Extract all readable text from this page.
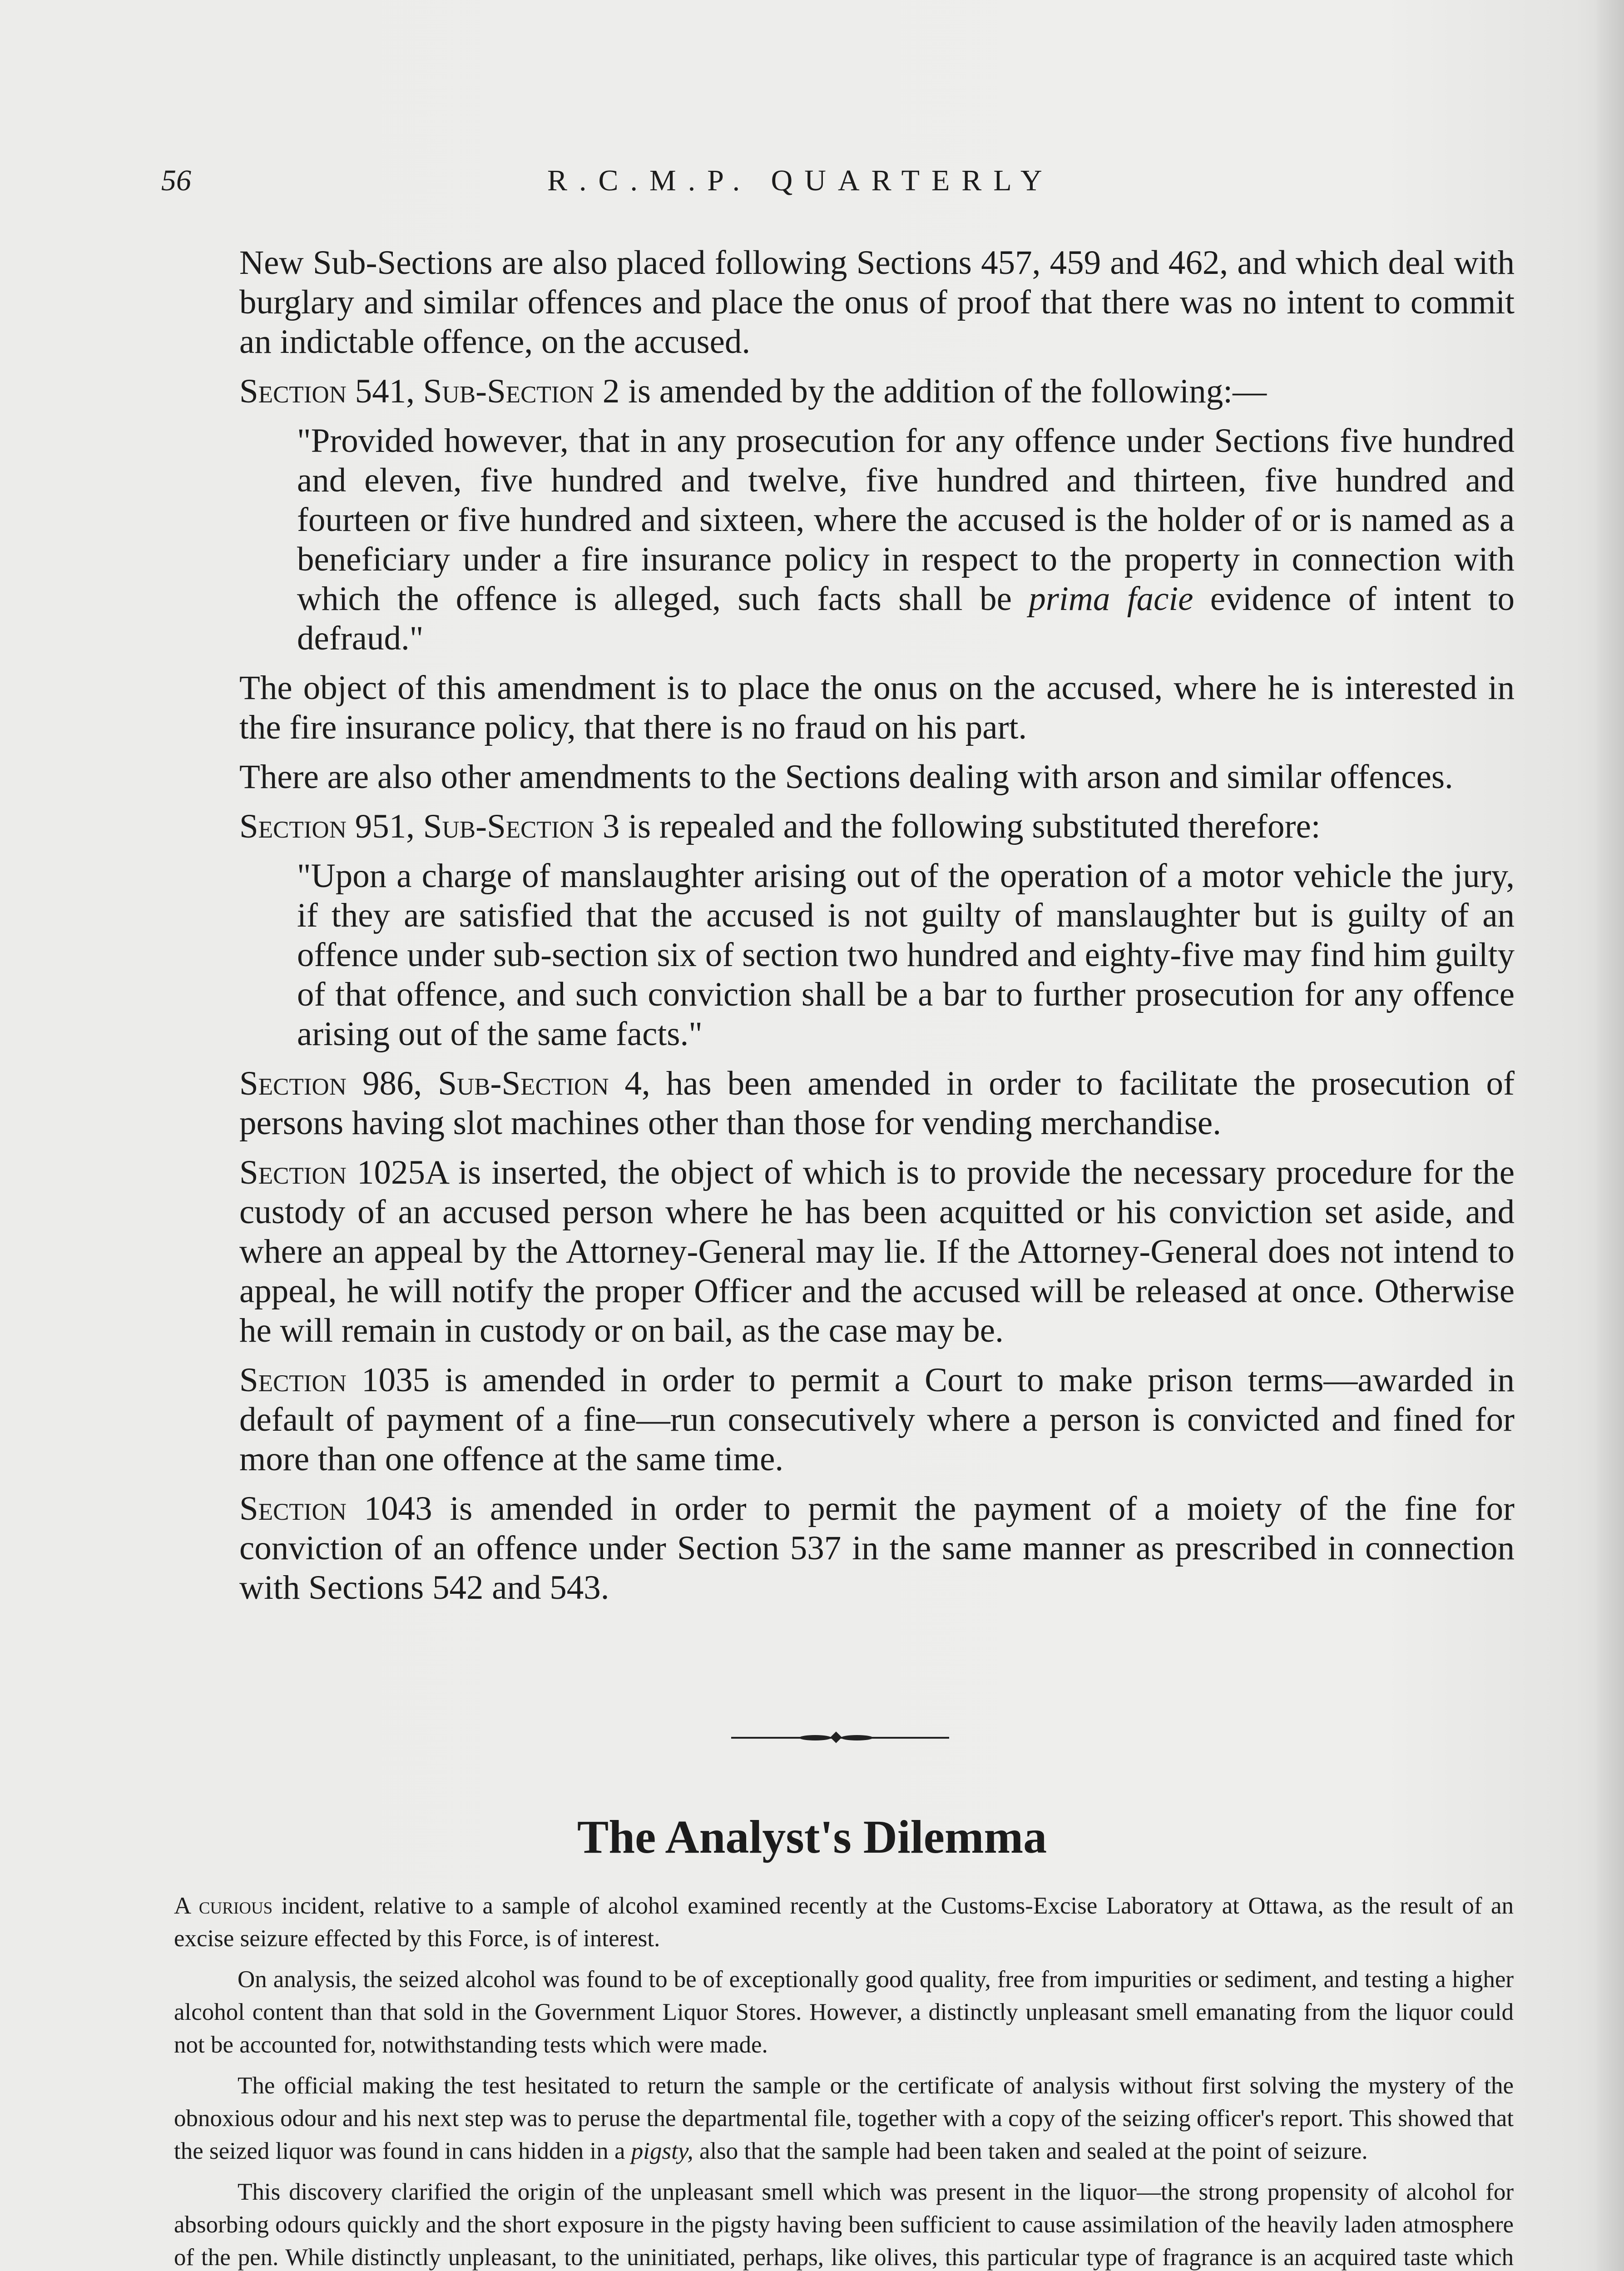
56	R.C.M.P. QUARTERLY

New Sub-Sections are also placed following Sections 457, 459 and 462, and which deal with burglary and similar offences and place the onus of proof that there was no intent to commit an indictable offence, on the accused.

Section 541, Sub-Section 2 is amended by the addition of the following:—

"Provided however, that in any prosecution for any offence under Sections five hundred and eleven, five hundred and twelve, five hundred and thirteen, five hundred and fourteen or five hundred and sixteen, where the accused is the holder of or is named as a beneficiary under a fire insurance policy in respect to the property in connection with which the offence is alleged, such facts shall be prima facie evidence of intent to defraud."

The object of this amendment is to place the onus on the accused, where he is interested in the fire insurance policy, that there is no fraud on his part.

There are also other amendments to the Sections dealing with arson and similar offences.

Section 951, Sub-Section 3 is repealed and the following substituted therefore:

"Upon a charge of manslaughter arising out of the operation of a motor vehicle the jury, if they are satisfied that the accused is not guilty of manslaughter but is guilty of an offence under sub-section six of section two hundred and eighty-five may find him guilty of that offence, and such conviction shall be a bar to further prosecution for any offence arising out of the same facts."

Section 986, Sub-Section 4, has been amended in order to facilitate the prosecution of persons having slot machines other than those for vending merchandise.

Section 1025A is inserted, the object of which is to provide the necessary procedure for the custody of an accused person where he has been acquitted or his conviction set aside, and where an appeal by the Attorney-General may lie. If the Attorney-General does not intend to appeal, he will notify the proper Officer and the accused will be released at once. Otherwise he will remain in custody or on bail, as the case may be.

Section 1035 is amended in order to permit a Court to make prison terms—awarded in default of payment of a fine—run consecutively where a person is convicted and fined for more than one offence at the same time.

Section 1043 is amended in order to permit the payment of a moiety of the fine for conviction of an offence under Section 537 in the same manner as prescribed in connection with Sections 542 and 543.

The Analyst's Dilemma

A curious incident, relative to a sample of alcohol examined recently at the Customs-Excise Laboratory at Ottawa, as the result of an excise seizure effected by this Force, is of interest.

On analysis, the seized alcohol was found to be of exceptionally good quality, free from impurities or sediment, and testing a higher alcohol content than that sold in the Government Liquor Stores. However, a distinctly unpleasant smell emanating from the liquor could not be accounted for, notwithstanding tests which were made.

The official making the test hesitated to return the sample or the certificate of analysis without first solving the mystery of the obnoxious odour and his next step was to peruse the departmental file, together with a copy of the seizing officer's report. This showed that the seized liquor was found in cans hidden in a pigsty, also that the sample had been taken and sealed at the point of seizure.

This discovery clarified the origin of the unpleasant smell which was present in the liquor—the strong propensity of alcohol for absorbing odours quickly and the short exposure in the pigsty having been sufficient to cause assimilation of the heavily laden atmosphere of the pen. While distinctly unpleasant, to the uninitiated, perhaps, like olives, this particular type of fragrance is an acquired taste which
